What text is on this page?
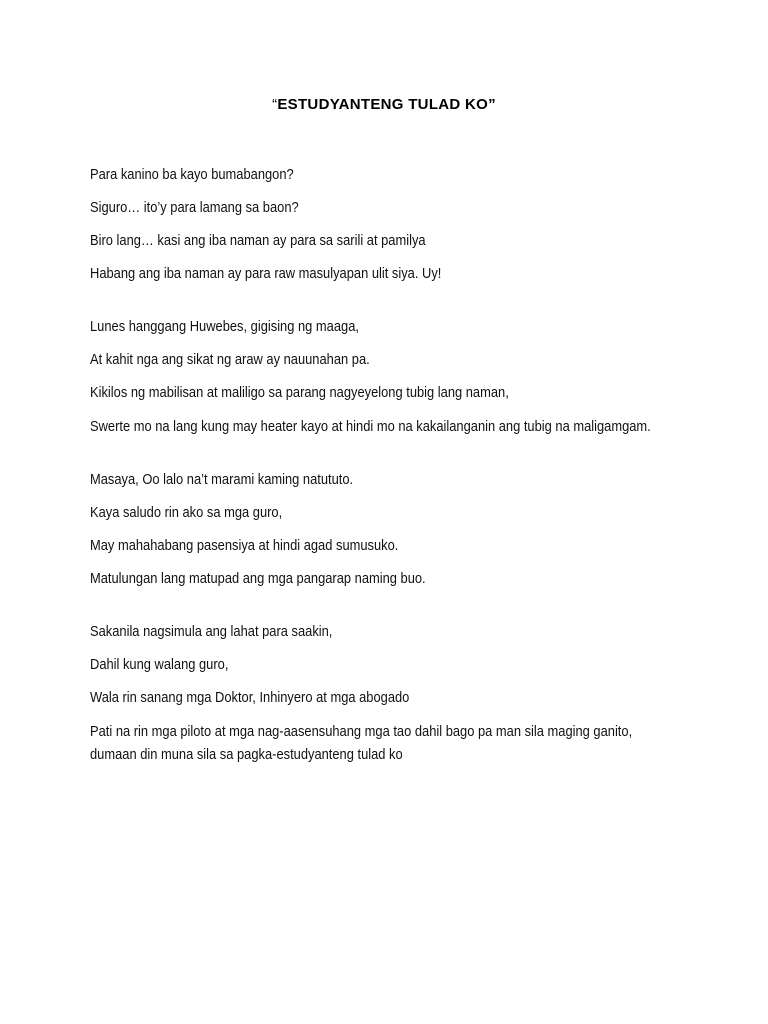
“ESTUDYANTENG TULAD KO”
Para kanino ba kayo bumabangon?
Siguro… ito’y para lamang sa baon?
Biro lang… kasi ang iba naman ay para sa sarili at pamilya
Habang ang iba naman ay para raw masulyapan ulit siya. Uy!
Lunes hanggang Huwebes, gigising ng maaga,
At kahit nga ang sikat ng araw ay nauunahan pa.
Kikilos ng mabilisan at maliligo sa parang nagyeyelong tubig lang naman,
Swerte mo na lang kung may heater kayo at hindi mo na kakailanganin ang tubig na maligamgam.
Masaya, Oo lalo na’t marami kaming natututo.
Kaya saludo rin ako sa mga guro,
May mahahabang pasensiya at hindi agad sumusuko.
Matulungan lang matupad ang mga pangarap naming buo.
Sakanila nagsimula ang lahat para saakin,
Dahil kung walang guro,
Wala rin sanang mga Doktor, Inhinyero at mga abogado
Pati na rin mga piloto at mga nag-aasensuhang mga tao dahil bago pa man sila maging ganito, dumaan din muna sila sa pagka-estudyanteng tulad ko
